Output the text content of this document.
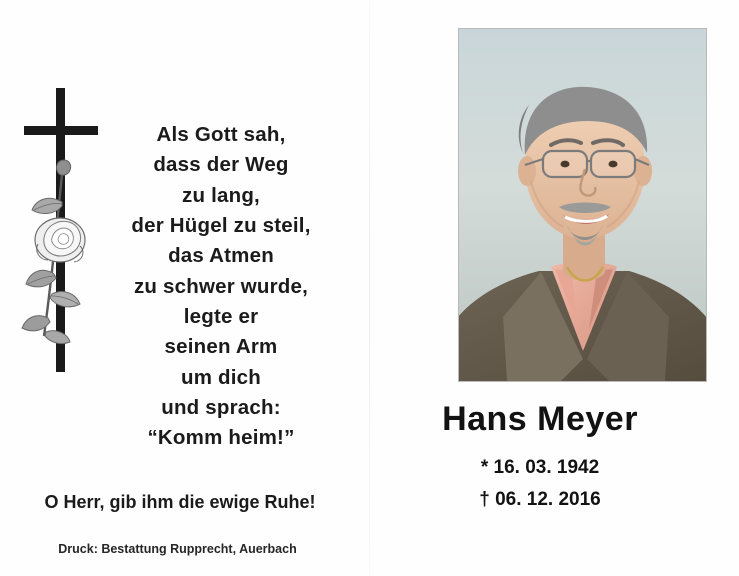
Als Gott sah,
dass der Weg
zu lang,
der Hügel zu steil,
das Atmen
zu schwer wurde,
legte er
seinen Arm
um dich
und sprach:
“Komm heim!”
O Herr, gib ihm die ewige Ruhe!
Druck: Bestattung Rupprecht, Auerbach
Hans Meyer
* 16. 03. 1942
† 06. 12. 2016
